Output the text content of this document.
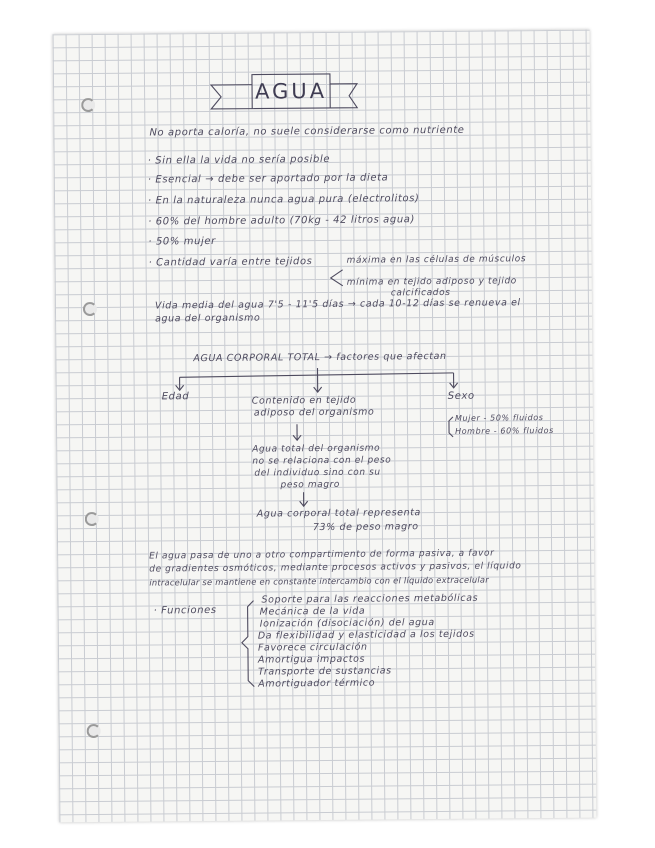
AGUA
No aporta caloría, no suele considerarse como nutriente
· Sin ella la vida no sería posible
· Esencial → debe ser aportado por la dieta
· En la naturaleza nunca agua pura (electrolitos)
· 60% del hombre adulto (70kg - 42 litros agua)
· 50% mujer
· Cantidad varía entre tejidos	máxima en las células de músculos
mínima en tejido adiposo y tejido
calcificados
Vida media del agua 7'5 - 11'5 días → cada 10-12 días se renueva el
agua del organismo
AGUA CORPORAL TOTAL → factores que afectan
Edad	Contenido en tejido
adiposo del organismo
Sexo
Mujer - 50% fluidos
Hombre - 60% fluidos
Agua total del organismo
no se relaciona con el peso
del individuo sino con su
peso magro
Agua corporal total representa
73% de peso magro
El agua pasa de uno a otro compartimento de forma pasiva, a favor
de gradientes osmóticos, mediante procesos activos y pasivos, el líquido
intracelular se mantiene en constante intercambio con el líquido extracelular
· Funciones
Soporte para las reacciones metabólicas
Mecánica de la vida
Ionización (disociación) del agua
Da flexibilidad y elasticidad a los tejidos
Favorece circulación
Amortigua impactos
Transporte de sustancias
Amortiguador térmico
